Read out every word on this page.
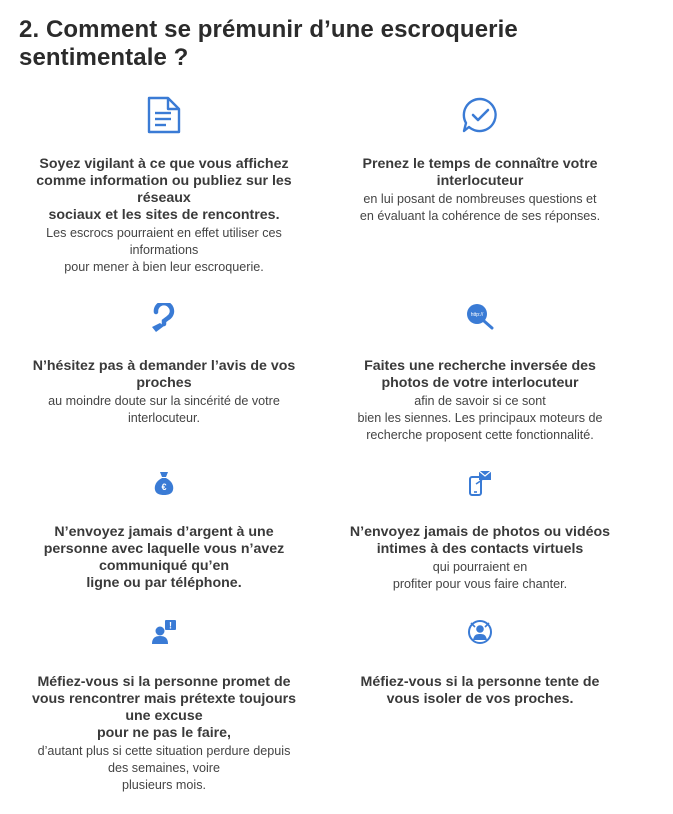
2. Comment se prémunir d’une escroquerie sentimentale ?

Soyez vigilant à ce que vous affichez
comme information ou publiez sur les
réseaux
sociaux et les sites de rencontres.

Les escrocs pourraient en effet utiliser ces
informations
pour mener à bien leur escroquerie.

Prenez le temps de connaître votre
interlocuteur

en lui posant de nombreuses questions et
en évaluant la cohérence de ses réponses.

N’hésitez pas à demander l’avis de vos
proches

au moindre doute sur la sincérité de votre
interlocuteur.

http://

Faites une recherche inversée des
photos de votre interlocuteur

afin de savoir si ce sont
bien les siennes. Les principaux moteurs de
recherche proposent cette fonctionnalité.

€

N’envoyez jamais d’argent à une
personne avec laquelle vous n’avez
communiqué qu’en
ligne ou par téléphone.

N’envoyez jamais de photos ou vidéos
intimes à des contacts virtuels

qui pourraient en
profiter pour vous faire chanter.

!

Méfiez-vous si la personne promet de
vous rencontrer mais prétexte toujours
une excuse
pour ne pas le faire,

d’autant plus si cette situation perdure depuis
des semaines, voire
plusieurs mois.

Méfiez-vous si la personne tente de
vous isoler de vos proches.
